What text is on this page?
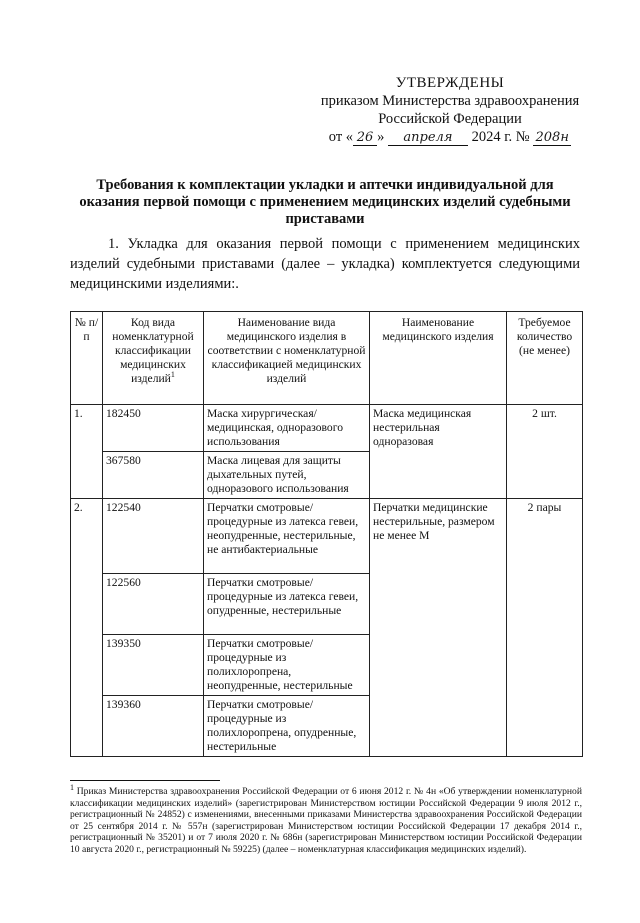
УТВЕРЖДЕНЫ
приказом Министерства здравоохранения
Российской Федерации
от « 26 » апреля 2024 г. № 208н
Требования к комплектации укладки и аптечки индивидуальной для оказания первой помощи с применением медицинских изделий судебными приставами
1. Укладка для оказания первой помощи с применением медицинских изделий судебными приставами (далее – укладка) комплектуется следующими медицинскими изделиями:.
№ п/п	Код вида номенклатурной классификации медицинских изделий$^1$	Наименование вида медицинского изделия в соответствии с номенклатурной классификацией медицинских изделий	Наименование медицинского изделия	Требуемое количество (не менее)
1.	182450	Маска хирургическая/ медицинская, одноразового использования	Маска медицинская нестерильная одноразовая	2 шт.
	367580	Маска лицевая для защиты дыхательных путей, одноразового использования		
2.	122540	Перчатки смотровые/ процедурные из латекса гевеи, неопудренные, нестерильные, не антибактериальные	Перчатки медицинские нестерильные, размером не менее М	2 пары
	122560	Перчатки смотровые/ процедурные из латекса гевеи, опудренные, нестерильные		
	139350	Перчатки смотровые/ процедурные из полихлоропрена, неопудренные, нестерильные		
	139360	Перчатки смотровые/ процедурные из полихлоропрена, опудренные, нестерильные		
$^1$ Приказ Министерства здравоохранения Российской Федерации от 6 июня 2012 г. № 4н «Об утверждении номенклатурной классификации медицинских изделий» (зарегистрирован Министерством юстиции Российской Федерации 9 июля 2012 г., регистрационный № 24852) с изменениями, внесенными приказами Министерства здравоохранения Российской Федерации от 25 сентября 2014 г. № 557н (зарегистрирован Министерством юстиции Российской Федерации 17 декабря 2014 г., регистрационный № 35201) и от 7 июля 2020 г. № 686н (зарегистрирован Министерством юстиции Российской Федерации 10 августа 2020 г., регистрационный № 59225) (далее – номенклатурная классификация медицинских изделий).
